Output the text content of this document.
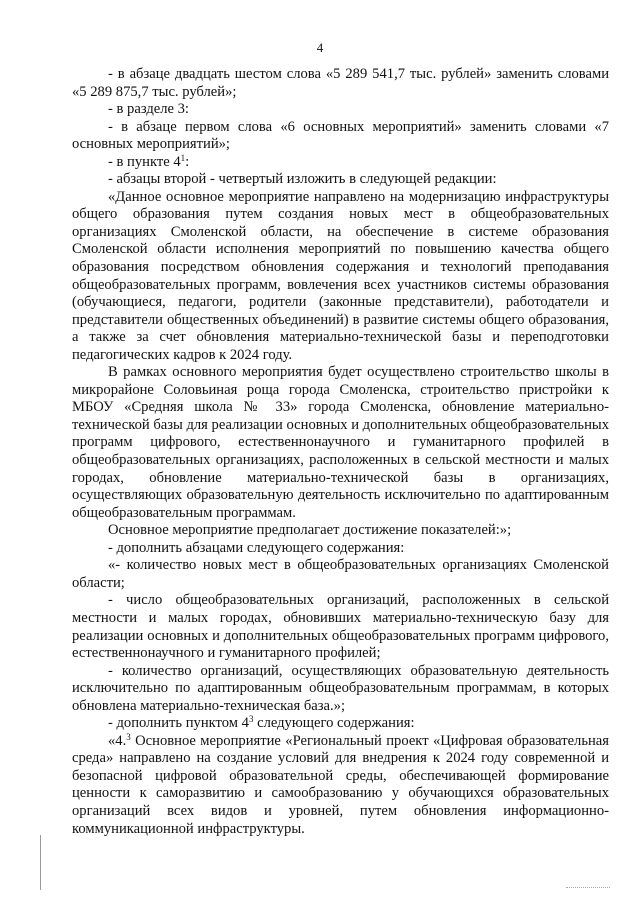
4

- в абзаце двадцать шестом слова «5 289 541,7 тыс. рублей» заменить словами «5 289 875,7 тыс. рублей»;

- в разделе 3:

- в абзаце первом слова «6 основных мероприятий» заменить словами «7 основных мероприятий»;

- в пункте $4^1$:

- абзацы второй - четвертый изложить в следующей редакции:

«Данное основное мероприятие направлено на модернизацию инфраструктуры общего образования путем создания новых мест в общеобразовательных организациях Смоленской области, на обеспечение в системе образования Смоленской области исполнения мероприятий по повышению качества общего образования посредством обновления содержания и технологий преподавания общеобразовательных программ, вовлечения всех участников системы образования (обучающиеся, педагоги, родители (законные представители), работодатели и представители общественных объединений) в развитие системы общего образования, а также за счет обновления материально-технической базы и переподготовки педагогических кадров к 2024 году.

В рамках основного мероприятия будет осуществлено строительство школы в микрорайоне Соловьиная роща города Смоленска, строительство пристройки к МБОУ «Средняя школа № 33» города Смоленска, обновление материально-технической базы для реализации основных и дополнительных общеобразовательных программ цифрового, естественнонаучного и гуманитарного профилей в общеобразовательных организациях, расположенных в сельской местности и малых городах, обновление материально-технической базы в организациях, осуществляющих образовательную деятельность исключительно по адаптированным общеобразовательным программам.

Основное мероприятие предполагает достижение показателей:»;

- дополнить абзацами следующего содержания:

«- количество новых мест в общеобразовательных организациях Смоленской области;

- число общеобразовательных организаций, расположенных в сельской местности и малых городах, обновивших материально-техническую базу для реализации основных и дополнительных общеобразовательных программ цифрового, естественнонаучного и гуманитарного профилей;

- количество организаций, осуществляющих образовательную деятельность исключительно по адаптированным общеобразовательным программам, в которых обновлена материально-техническая база.»;

- дополнить пунктом $4^3$ следующего содержания:

«4.$^3$ Основное мероприятие «Региональный проект «Цифровая образовательная среда» направлено на создание условий для внедрения к 2024 году современной и безопасной цифровой образовательной среды, обеспечивающей формирование ценности к саморазвитию и самообразованию у обучающихся образовательных организаций всех видов и уровней, путем обновления информационно-коммуникационной инфраструктуры.
